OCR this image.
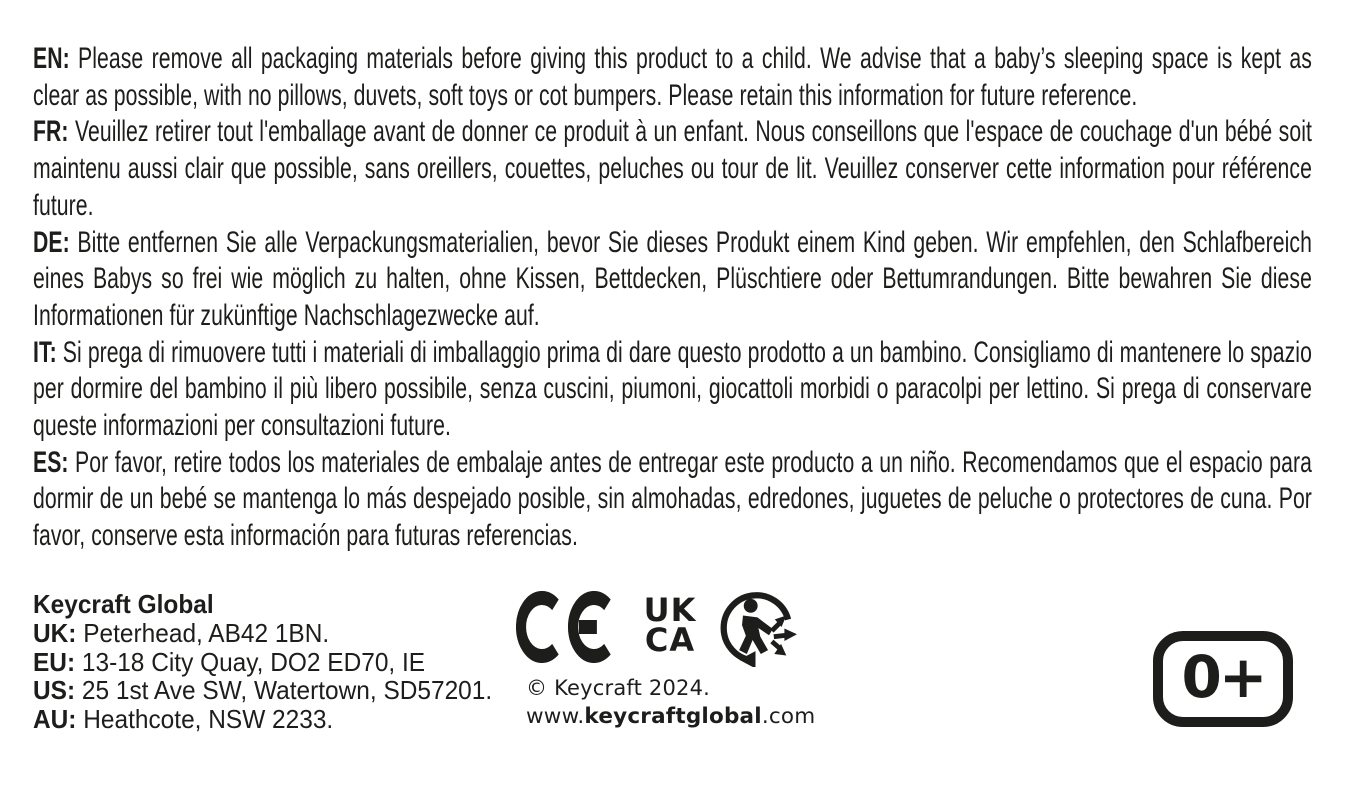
EN: Please remove all packaging materials before giving this product to a child. We advise that a baby’s sleeping space is kept as clear as possible, with no pillows, duvets, soft toys or cot bumpers. Please retain this information for future reference.

FR: Veuillez retirer tout l'emballage avant de donner ce produit à un enfant. Nous conseillons que l'espace de couchage d'un bébé soit maintenu aussi clair que possible, sans oreillers, couettes, peluches ou tour de lit. Veuillez conserver cette information pour référence future.

DE: Bitte entfernen Sie alle Verpackungsmaterialien, bevor Sie dieses Produkt einem Kind geben. Wir empfehlen, den Schlafbereich eines Babys so frei wie möglich zu halten, ohne Kissen, Bettdecken, Plüschtiere oder Bettumrandungen. Bitte bewahren Sie diese Informationen für zukünftige Nachschlagezwecke auf.

IT: Si prega di rimuovere tutti i materiali di imballaggio prima di dare questo prodotto a un bambino. Consigliamo di mantenere lo spazio per dormire del bambino il più libero possibile, senza cuscini, piumoni, giocattoli morbidi o paracolpi per lettino. Si prega di conservare queste informazioni per consultazioni future.

ES: Por favor, retire todos los materiales de embalaje antes de entregar este producto a un niño. Recomendamos que el espacio para dormir de un bebé se mantenga lo más despejado posible, sin almohadas, edredones, juguetes de peluche o protectores de cuna. Por favor, conserve esta información para futuras referencias.

Keycraft Global

UK: Peterhead, AB42 1BN.

EU: 13-18 City Quay, DO2 ED70, IE

US: 25 1st Ave SW, Watertown, SD57201.

AU: Heathcote, NSW 2233.

UK
CA

© Keycraft 2024.

www.keycraftglobal.com

0+
